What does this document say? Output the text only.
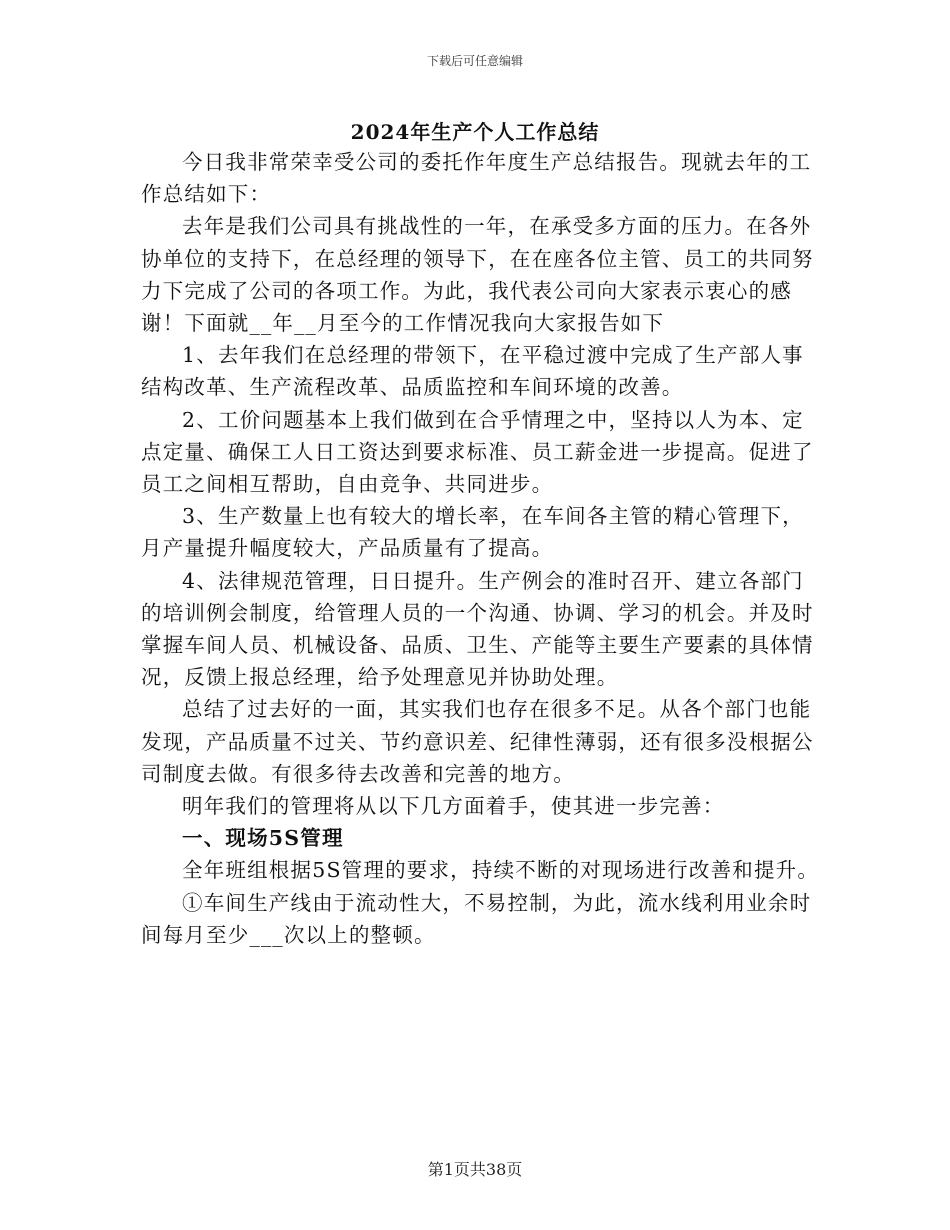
下载后可任意编辑
2024年生产个人工作总结

今日我非常荣幸受公司的委托作年度生产总结报告。现就去年的工作总结如下：

去年是我们公司具有挑战性的一年，在承受多方面的压力。在各外协单位的支持下，在总经理的领导下，在在座各位主管、员工的共同努力下完成了公司的各项工作。为此，我代表公司向大家表示衷心的感谢！下面就__年__月至今的工作情况我向大家报告如下

1、去年我们在总经理的带领下，在平稳过渡中完成了生产部人事结构改革、生产流程改革、品质监控和车间环境的改善。

2、工价问题基本上我们做到在合乎情理之中，坚持以人为本、定点定量、确保工人日工资达到要求标准、员工薪金进一步提高。促进了员工之间相互帮助，自由竞争、共同进步。

3、生产数量上也有较大的增长率，在车间各主管的精心管理下，月产量提升幅度较大，产品质量有了提高。

4、法律规范管理，日日提升。生产例会的准时召开、建立各部门的培训例会制度，给管理人员的一个沟通、协调、学习的机会。并及时掌握车间人员、机械设备、品质、卫生、产能等主要生产要素的具体情况，反馈上报总经理，给予处理意见并协助处理。

总结了过去好的一面，其实我们也存在很多不足。从各个部门也能发现，产品质量不过关、节约意识差、纪律性薄弱，还有很多没根据公司制度去做。有很多待去改善和完善的地方。

明年我们的管理将从以下几方面着手，使其进一步完善：

一、现场5S管理

全年班组根据5S管理的要求，持续不断的对现场进行改善和提升。

①车间生产线由于流动性大，不易控制，为此，流水线利用业余时间每月至少___次以上的整顿。

第1页共38页
